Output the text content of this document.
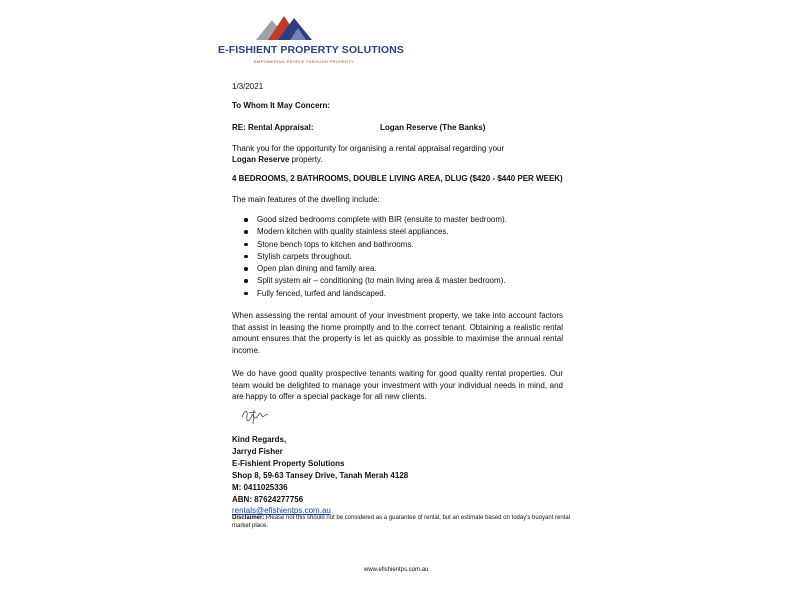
E-FISHIENT PROPERTY SOLUTIONS
EMPOWERING PEOPLE THROUGH PROPERTY
1/3/2021
To Whom It May Concern:
RE: Rental Appraisal:	Logan Reserve (The Banks)
Thank you for the opportunity for organising a rental appraisal regarding your
Logan Reserve property.
4 BEDROOMS, 2 BATHROOMS, DOUBLE LIVING AREA, DLUG ($420 - $440 PER WEEK)
The main features of the dwelling include:
Good sized bedrooms complete with BIR (ensuite to master bedroom).
Modern kitchen with quality stainless steel appliances.
Stone bench tops to kitchen and bathrooms.
Stylish carpets throughout.
Open plan dining and family area.
Split system air – conditioning (to main living area & master bedroom).
Fully fenced, turfed and landscaped.
When assessing the rental amount of your investment property, we take into account factors that assist in leasing the home promptly and to the correct tenant. Obtaining a realistic rental amount ensures that the property is let as quickly as possible to maximise the annual rental income.
We do have good quality prospective tenants waiting for good quality rental properties. Our team would be delighted to manage your investment with your individual needs in mind, and are happy to offer a special package for all new clients.
Kind Regards,
Jarryd Fisher
E-Fishient Property Solutions
Shop 8, 59-63 Tansey Drive, Tanah Merah 4128
M: 0411025336
ABN: 87624277756
rentals@efishientps.com.au
Disclaimer: Please not this should not be considered as a guarantee of rental, but an estimate based on today's buoyant rental market place.
www.efishientps.com.au
